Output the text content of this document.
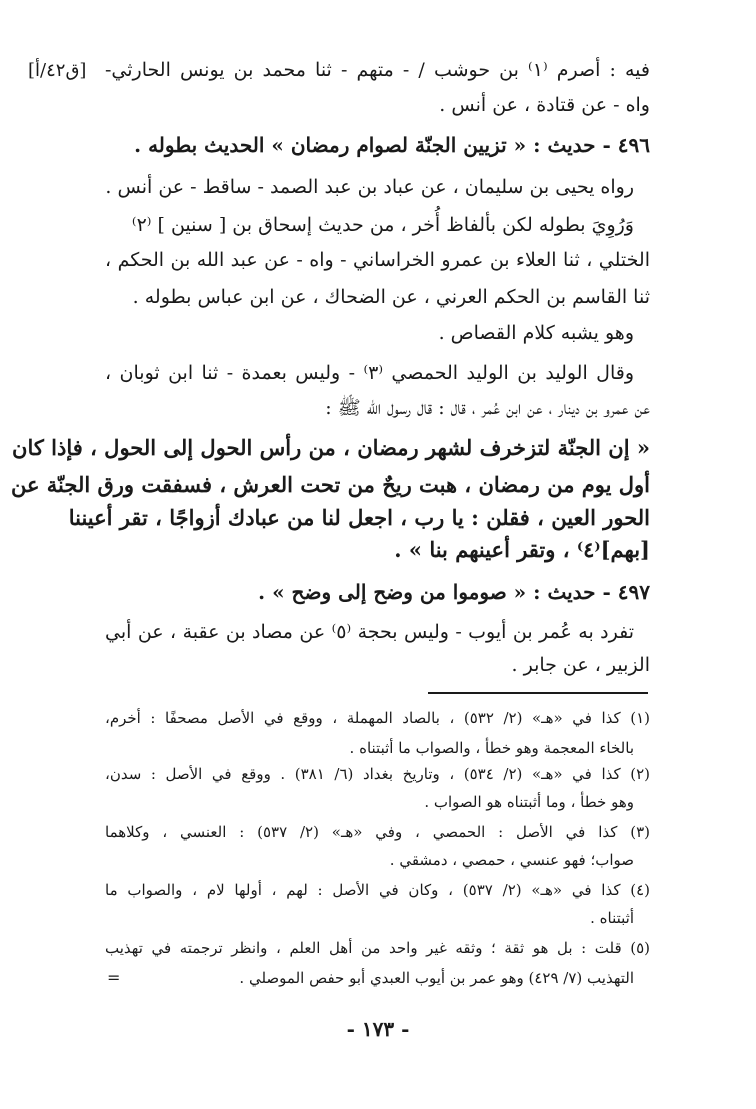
[ق٤٢/أ] فيه : أصرم ⁽١⁾ بن حوشب / - متهم - ثنا محمد بن يونس الحارثي-
واه - عن قتادة ، عن أنس .
٤٩٦ - حديث : « تزيين الجنّة لصوام رمضان » الحديث بطوله .
رواه يحيى بن سليمان ، عن عباد بن عبد الصمد - ساقط - عن أنس .
وَرُوِيَ بطوله لكن بألفاظ أُخر ، من حديث إسحاق بن [ سنين ] ⁽٢⁾
الختلي ، ثنا العلاء بن عمرو الخراساني - واه - عن عبد الله بن الحكم ،
ثنا القاسم بن الحكم العرني ، عن الضحاك ، عن ابن عباس بطوله .
وهو يشبه كلام القصاص .
وقال الوليد بن الوليد الحمصي ⁽٣⁾ - وليس بعمدة - ثنا ابن ثوبان ،
عن عمرو بن دينار ، عن ابن عُمر ، قال : قال رسول الله ﷺ :
« إن الجنّة لتزخرف لشهر رمضان ، من رأس الحول إلى الحول ، فإذا كان
أول يوم من رمضان ، هبت ريحٌ من تحت العرش ، فسفقت ورق الجنّة عن
الحور العين ، فقلن : يا رب ، اجعل لنا من عبادك أزواجًا ، تقر أعيننا
[بهم]⁽٤⁾ ، وتقر أعينهم بنا » .
٤٩٧ - حديث : « صوموا من وضح إلى وضح » .
تفرد به عُمر بن أيوب - وليس بحجة ⁽٥⁾ عن مصاد بن عقبة ، عن أبي
الزبير ، عن جابر .
(١) كذا في «هـ» (٢/ ٥٣٢) ، بالصاد المهملة ، ووقع في الأصل مصحفًا : أخرم،
بالخاء المعجمة وهو خطأ ، والصواب ما أثبتناه .
(٢) كذا في «هـ» (٢/ ٥٣٤) ، وتاريخ بغداد (٦/ ٣٨١) . ووقع في الأصل : سدن،
وهو خطأ ، وما أثبتناه هو الصواب .
(٣) كذا في الأصل : الحمصي ، وفي «هـ» (٢/ ٥٣٧) : العنسي ، وكلاهما
صواب؛ فهو عنسي ، حمصي ، دمشقي .
(٤) كذا في «هـ» (٢/ ٥٣٧) ، وكان في الأصل : لهم ، أولها لام ، والصواب ما
أثبتناه .
(٥) قلت : بل هو ثقة ؛ وثقه غير واحد من أهل العلم ، وانظر ترجمته في تهذيب
التهذيب (٧/ ٤٢٩) وهو عمر بن أيوب العبدي أبو حفص الموصلي .
=
- ١٧٣ -
